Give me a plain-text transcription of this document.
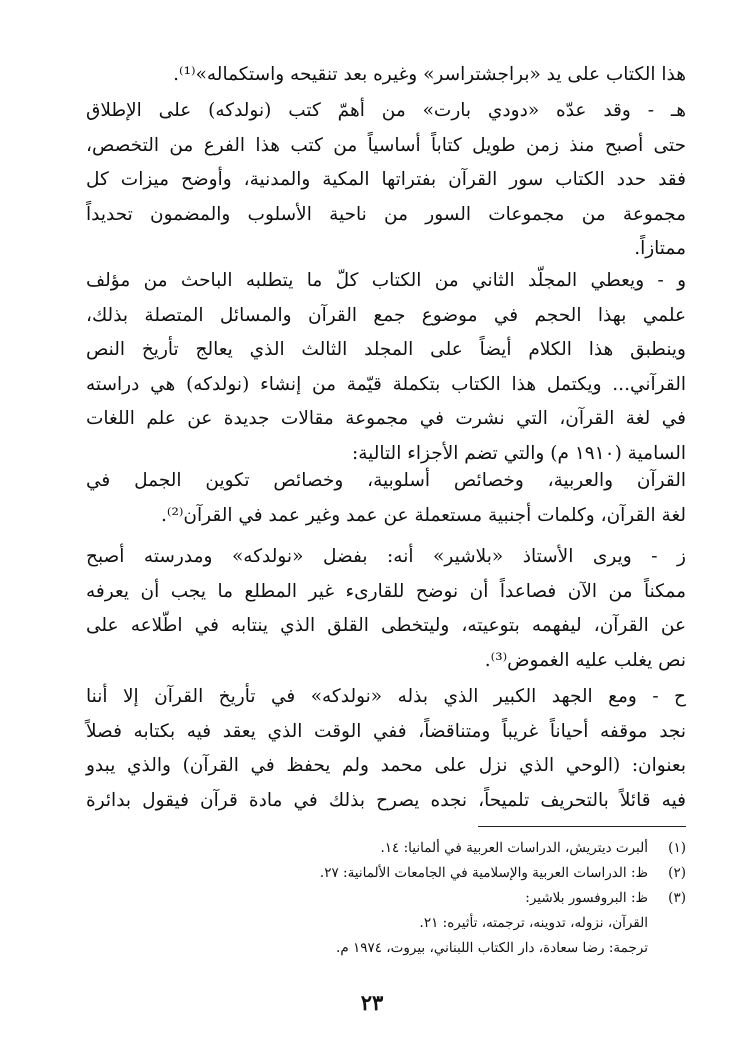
هذا الكتاب على يد «براجشتراسر» وغيره بعد تنقيحه واستكماله»⁽¹⁾.
هـ - وقد عدّه «دودي بارت» من أهمّ كتب (نولدكه) على الإطلاق
حتى أصبح منذ زمن طويل كتاباً أساسياً من كتب هذا الفرع من التخصص،
فقد حدد الكتاب سور القرآن بفتراتها المكية والمدنية، وأوضح ميزات كل
مجموعة من مجموعات السور من ناحية الأسلوب والمضمون تحديداً
ممتازاً.
و - ويعطي المجلّد الثاني من الكتاب كلّ ما يتطلبه الباحث من مؤلف
علمي بهذا الحجم في موضوع جمع القرآن والمسائل المتصلة بذلك،
وينطبق هذا الكلام أيضاً على المجلد الثالث الذي يعالج تأريخ النص
القرآني... ويكتمل هذا الكتاب بتكملة قيّمة من إنشاء (نولدكه) هي دراسته
في لغة القرآن، التي نشرت في مجموعة مقالات جديدة عن علم اللغات
السامية (١٩١٠ م) والتي تضم الأجزاء التالية:
القرآن والعربية، وخصائص أسلوبية، وخصائص تكوين الجمل في
لغة القرآن، وكلمات أجنبية مستعملة عن عمد وغير عمد في القرآن⁽²⁾.
ز - ويرى الأستاذ «بلاشير» أنه: بفضل «نولدكه» ومدرسته أصبح
ممكناً من الآن فصاعداً أن نوضح للقارىء غير المطلع ما يجب أن يعرفه
عن القرآن، ليفهمه بتوعيته، وليتخطى القلق الذي ينتابه في اطّلاعه على
نص يغلب عليه الغموض⁽³⁾.
ح - ومع الجهد الكبير الذي بذله «نولدكه» في تأريخ القرآن إلا أننا
نجد موقفه أحياناً غريباً ومتناقضاً، ففي الوقت الذي يعقد فيه بكتابه فصلاً
بعنوان: (الوحي الذي نزل على محمد ولم يحفظ في القرآن) والذي يبدو
فيه قائلاً بالتحريف تلميحاً، نجده يصرح بذلك في مادة قرآن فيقول بدائرة
(١)
ألبرت ديتريش، الدراسات العربية في ألمانيا: ١٤.
(٢)
ظ: الدراسات العربية والإسلامية في الجامعات الألمانية: ٢٧.
(٣)
ظ: البروفسور بلاشير:
القرآن، نزوله، تدوينه، ترجمته، تأثيره: ٢١.
ترجمة: رضا سعادة، دار الكتاب اللبناني، بيروت، ١٩٧٤ م.
٢٣
